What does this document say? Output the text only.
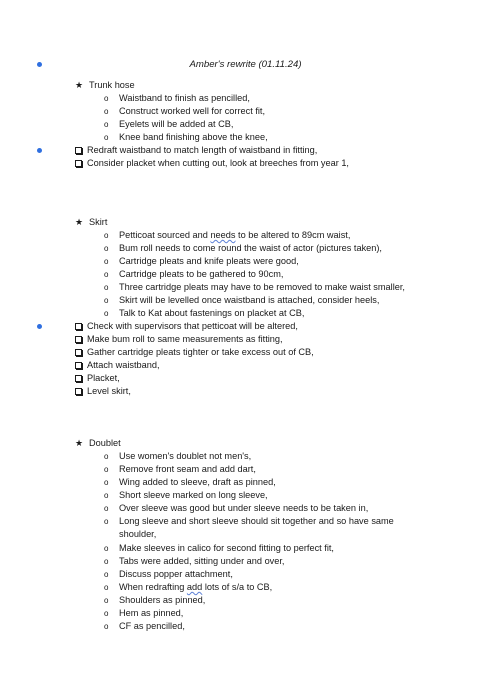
Amber's rewrite (01.11.24)
★ Trunk hose
o Waistband to finish as pencilled,
o Construct worked well for correct fit,
o Eyelets will be added at CB,
o Knee band finishing above the knee,
Redraft waistband to match length of waistband in fitting,
Consider placket when cutting out, look at breeches from year 1,
★ Skirt
o Petticoat sourced and needs to be altered to 89cm waist,
o Bum roll needs to come round the waist of actor (pictures taken),
o Cartridge pleats and knife pleats were good,
o Cartridge pleats to be gathered to 90cm,
o Three cartridge pleats may have to be removed to make waist smaller,
o Skirt will be levelled once waistband is attached, consider heels,
o Talk to Kat about fastenings on placket at CB,
Check with supervisors that petticoat will be altered,
Make bum roll to same measurements as fitting,
Gather cartridge pleats tighter or take excess out of CB,
Attach waistband,
Placket,
Level skirt,
★ Doublet
o Use women's doublet not men's,
o Remove front seam and add dart,
o Wing added to sleeve, draft as pinned,
o Short sleeve marked on long sleeve,
o Over sleeve was good but under sleeve needs to be taken in,
o Long sleeve and short sleeve should sit together and so have same
shoulder,
o Make sleeves in calico for second fitting to perfect fit,
o Tabs were added, sitting under and over,
o Discuss popper attachment,
o When redrafting add lots of s/a to CB,
o Shoulders as pinned,
o Hem as pinned,
o CF as pencilled,
